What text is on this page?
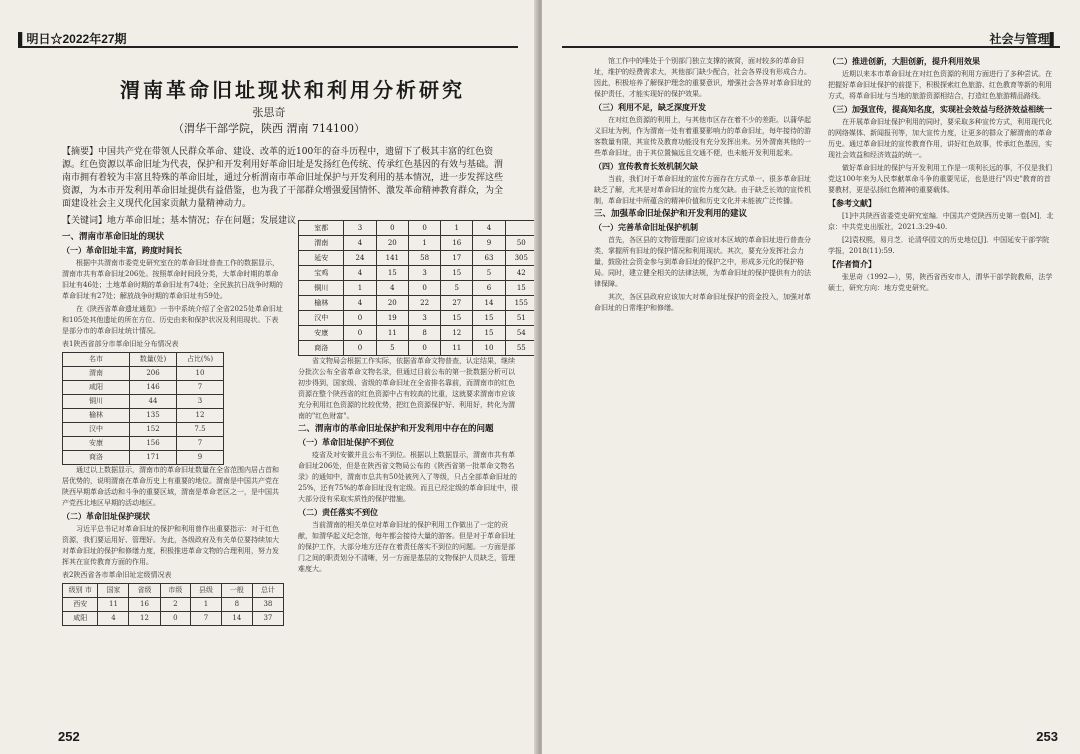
▌明日☆2022年27期
渭南革命旧址现状和利用分析研究
张思奇
（渭华干部学院，陕西 渭南 714100）
【摘要】中国共产党在带领人民群众革命、建设、改革的近100年的奋斗历程中，遗留下了极其丰富的红色资源。红色资源以革命旧址为代表，保护和开发利用好革命旧址是发扬红色传统、传承红色基因的有效与基础。渭南市拥有着较为丰富且特殊的革命旧址，通过分析渭南市革命旧址保护与开发利用的基本情况，进一步发挥这些资源，为本市开发利用革命旧址提供有益借鉴，也为我了干部群众增强爱国情怀、激发革命精神教育群众，为全面建设社会主义现代化国家贡献力量精神动力。
【关键词】地方革命旧址；基本情况；存在问题；发展建议

一、渭南市革命旧址的现状

（一）革命旧址丰富，跨度时间长

根据中共渭南市委党史研究室在的革命旧址普查工作的数据显示，渭南市共有革命旧址206处。按照革命时间段分类，大革命时期的革命旧址有46处；土地革命时期的革命旧址有74处；全民族抗日战争时期的革命旧址有27处；解放战争时期的革命旧址有59处。

在《陕西省革命遗址通览》一书中系统介绍了全省2025处革命旧址和105处其他遗址的所在方位、历史由来和保护状况及利用现状。下表是部分市的革命旧址统计情况。

表1陕西省部分市革命旧址分布情况表

名市	数量(处)	占比(%)
渭南	206	10
咸阳	146	7
铜川	44	3
榆林	135	12
汉中	152	7.5
安康	156	7
商洛	171	9

通过以上数据显示，渭南市的革命旧址数量在全省范围内居占首和居优势的，说明渭南在革命历史上有重要的地位。渭南是中国共产党在陕西早期革命活动和斗争的重要区域，渭南是革命老区之一，是中国共产党西北地区早期的活动地区。

（二）革命旧址保护现状

习近平总书记对革命旧址的保护和利用曾作出重要指示：对于红色资源，我们要运用好、管理好。为此，各级政府及有关单位要持续加大对革命旧址的保护和修缮力度，积极推进革命文物的合理利用，努力发挥其在宣传教育方面的作用。

表2陕西省各市革命旧址定级情况表

级别 市	国家	省级	市级	县级	一般	总计
西安	11	16	2	1	8	38
咸阳	4	12	0	7	14	37
室都	3	0	0	1	4	
渭南	4	20	1	16	9	50
延安	24	141	58	17	63	305
宝鸡	4	15	3	15	5	42
铜川	1	4	0	5	6	15
榆林	4	20	22	27	14	155
汉中	0	19	3	15	15	51
安康	0	11	8	12	15	54
商洛	0	5	0	11	10	55

省文物局会根据工作实际，依据省革命文物普查，认定结果，继续分批次公布全省革命文物名录，但通过目前公布的第一批数据分析可以初步得到，国家级、省级的革命旧址在全省排名靠前，而渭南市的红色资源在整个陕西省的红色资源中占有较高的比重，这就要求渭南市应该充分利用红色资源的比较优势，把红色资源保护好、利用好，转化为渭南的"红色财富"。

二、渭南市的革命旧址保护和开发利用中存在的问题

（一）革命旧址保护不到位

疫省及对安徽并且公布不到位。根据以上数据显示，渭南市共有革命旧址206处，但是在陕西省文物局公布的《陕西省第一批革命文物名录》的通知中，渭南市总共有50处被列入了等级，只占全部革命旧址的25%，还有75%的革命旧址没有定级。而且已经定级的革命旧址中，很大部分没有采取实质性的保护措施。

（二）责任落实不到位

当前渭南的相关单位对革命旧址的保护利用工作做出了一定的贡献，如渭华起义纪念馆，每年都会接待大量的游客。但是对于革命旧址的保护工作，大部分地方还存在着责任落实不到位的问题。一方面是部门之间的职责划分不清晰，另一方面是基层的文物保护人员缺乏，管理难度大。

252
社会与管理▌

馆工作中的唯处于个别部门独立支撑的被窝，面对较多的革命旧址，维护的经费需求大，其他部门缺少配合，社会各界没有形成合力。因此，积极培养了解保护理念的重要意识，增强社会各界对革命旧址的保护责任，才能实现好的保护效果。

（三）利用不足，缺乏深度开发

在对红色资源的利用上，与其他市区存在着不少的差距。以蒲华起义旧址为例，作为渭南一处有着重要影响力的革命旧址，每年接待的游客数量有限，其宣传及教育功能没有充分发挥出来。另外渭南其他的一些革命旧址，由于其位置偏远且交通不便，也未能开发利用起来。

（四）宣传教育长效机制欠缺

当前，我们对于革命旧址的宣传方面存在方式单一、很多革命旧址缺乏了解，尤其是对革命旧址的宣传力度欠缺。由于缺乏长效的宣传机制，革命旧址中所蕴含的精神价值和历史文化并未能被广泛传播。

三、加强革命旧址保护和开发利用的建议

（一）完善革命旧址保护机制

首先，各区县的文物管理部门应该对本区域的革命旧址进行普查分类，掌握所有旧址的保护情况和利用现状。其次，要充分发挥社会力量，鼓励社会资金参与到革命旧址的保护之中，形成多元化的保护格局。同时，建立健全相关的法律法规，为革命旧址的保护提供有力的法律保障。

其次，各区县政府应该加大对革命旧址保护的资金投入，加强对革命旧址的日常维护和修缮。

（二）推进创新，大胆创新，提升利用效果

近期以来本市革命旧址在对红色资源的利用方面进行了多种尝试。在把握好革命旧址保护的前提下，积极探索红色旅游、红色教育等新的利用方式，将革命旧址与当地的旅游资源相结合，打造红色旅游精品路线。

（三）加强宣传，提高知名度，实现社会效益与经济效益相统一

在开展革命旧址保护利用的同时，要采取多种宣传方式，利用现代化的网络媒体、新闻报刊等，加大宣传力度，让更多的群众了解渭南的革命历史。通过革命旧址的宣传教育作用，讲好红色故事，传承红色基因，实现社会效益和经济效益的统一。

做好革命旧址的保护与开发利用工作是一项利长远的事，不仅是我们党这100年来为人民奉献革命斗争的重要见证，也是进行"四史"教育的首要教材，更是弘扬红色精神的重要载体。

【参考文献】

[1]中共陕西省委党史研究室编．中国共产党陕西历史第一卷[M]．北京：中共党史出版社，2021.3:29-40.

[2]袁权熙，易月芝．论清华园文的历史地位[J]．中国延安干部学院学报，2018(11):59.

【作者简介】

张思奇（1992—），男，陕西省西安市人，渭华干部学院教师，法学硕士，研究方向：地方党史研究。

253
